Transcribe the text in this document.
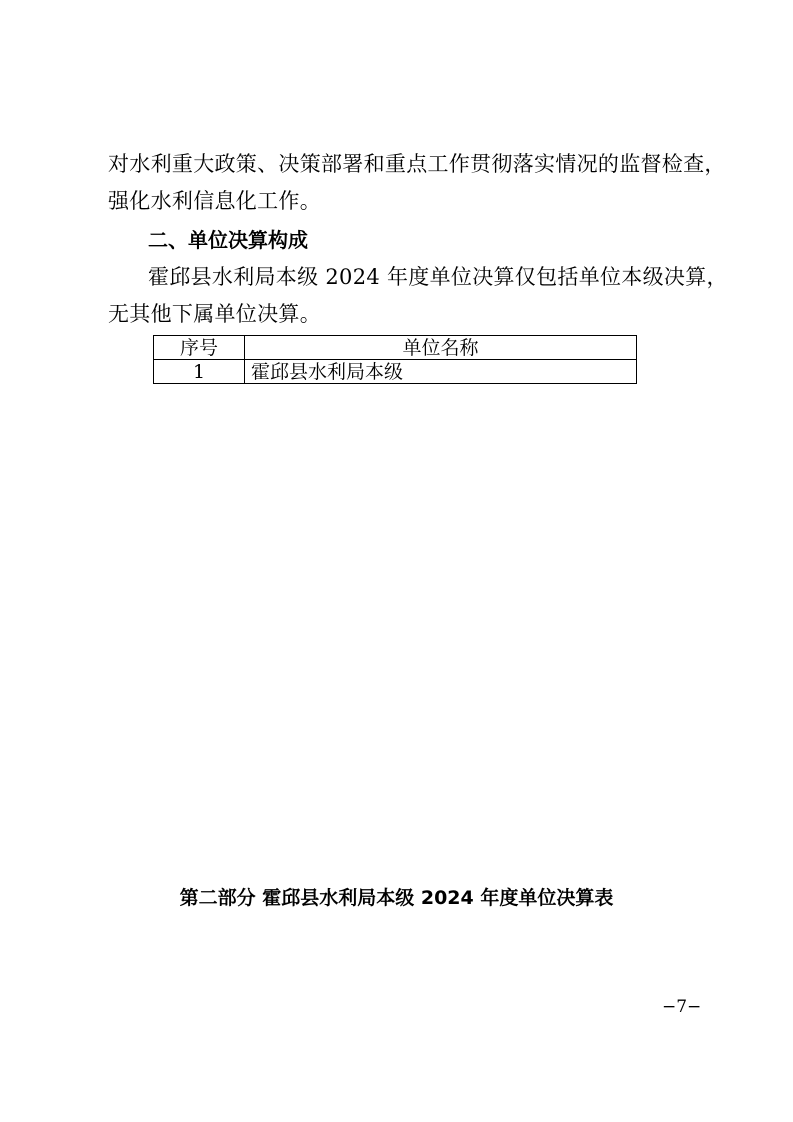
对水利重大政策、决策部署和重点工作贯彻落实情况的监督检查，
强化水利信息化工作。
二、单位决算构成
霍邱县水利局本级 2024 年度单位决算仅包括单位本级决算，
无其他下属单位决算。
序号	单位名称
1	霍邱县水利局本级
第二部分 霍邱县水利局本级 2024 年度单位决算表
−7−
